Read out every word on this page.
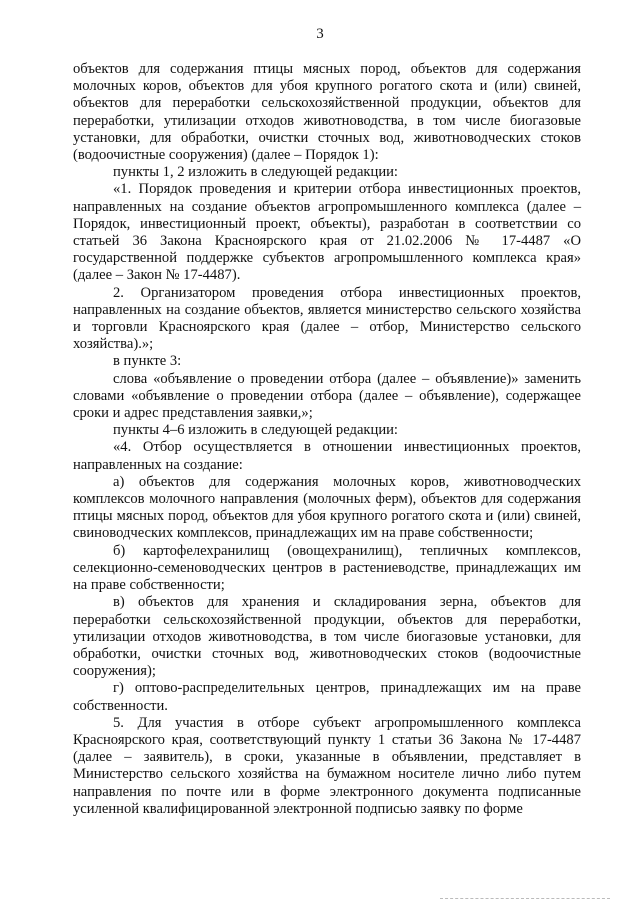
3

объектов для содержания птицы мясных пород, объектов для содержания молочных коров, объектов для убоя крупного рогатого скота и (или) свиней, объектов для переработки сельскохозяйственной продукции, объектов для переработки, утилизации отходов животноводства, в том числе биогазовые установки, для обработки, очистки сточных вод, животноводческих стоков (водоочистные сооружения) (далее – Порядок 1):

пункты 1, 2 изложить в следующей редакции:

«1. Порядок проведения и критерии отбора инвестиционных проектов, направленных на создание объектов агропромышленного комплекса (далее – Порядок, инвестиционный проект, объекты), разработан в соответствии со статьей 36 Закона Красноярского края от 21.02.2006 № 17-4487 «О государственной поддержке субъектов агропромышленного комплекса края» (далее – Закон № 17-4487).

2. Организатором проведения отбора инвестиционных проектов, направленных на создание объектов, является министерство сельского хозяйства и торговли Красноярского края (далее – отбор, Министерство сельского хозяйства).»;

в пункте 3:

слова «объявление о проведении отбора (далее – объявление)» заменить словами «объявление о проведении отбора (далее – объявление), содержащее сроки и адрес представления заявки,»;

пункты 4–6 изложить в следующей редакции:

«4. Отбор осуществляется в отношении инвестиционных проектов, направленных на создание:

а) объектов для содержания молочных коров, животноводческих комплексов молочного направления (молочных ферм), объектов для содержания птицы мясных пород, объектов для убоя крупного рогатого скота и (или) свиней, свиноводческих комплексов, принадлежащих им на праве собственности;

б) картофелехранилищ (овощехранилищ), тепличных комплексов, селекционно-семеноводческих центров в растениеводстве, принадлежащих им на праве собственности;

в) объектов для хранения и складирования зерна, объектов для переработки сельскохозяйственной продукции, объектов для переработки, утилизации отходов животноводства, в том числе биогазовые установки, для обработки, очистки сточных вод, животноводческих стоков (водоочистные сооружения);

г) оптово-распределительных центров, принадлежащих им на праве собственности.

5. Для участия в отборе субъект агропромышленного комплекса Красноярского края, соответствующий пункту 1 статьи 36 Закона № 17-4487 (далее – заявитель), в сроки, указанные в объявлении, представляет в Министерство сельского хозяйства на бумажном носителе лично либо путем направления по почте или в форме электронного документа подписанные усиленной квалифицированной электронной подписью заявку по форме
